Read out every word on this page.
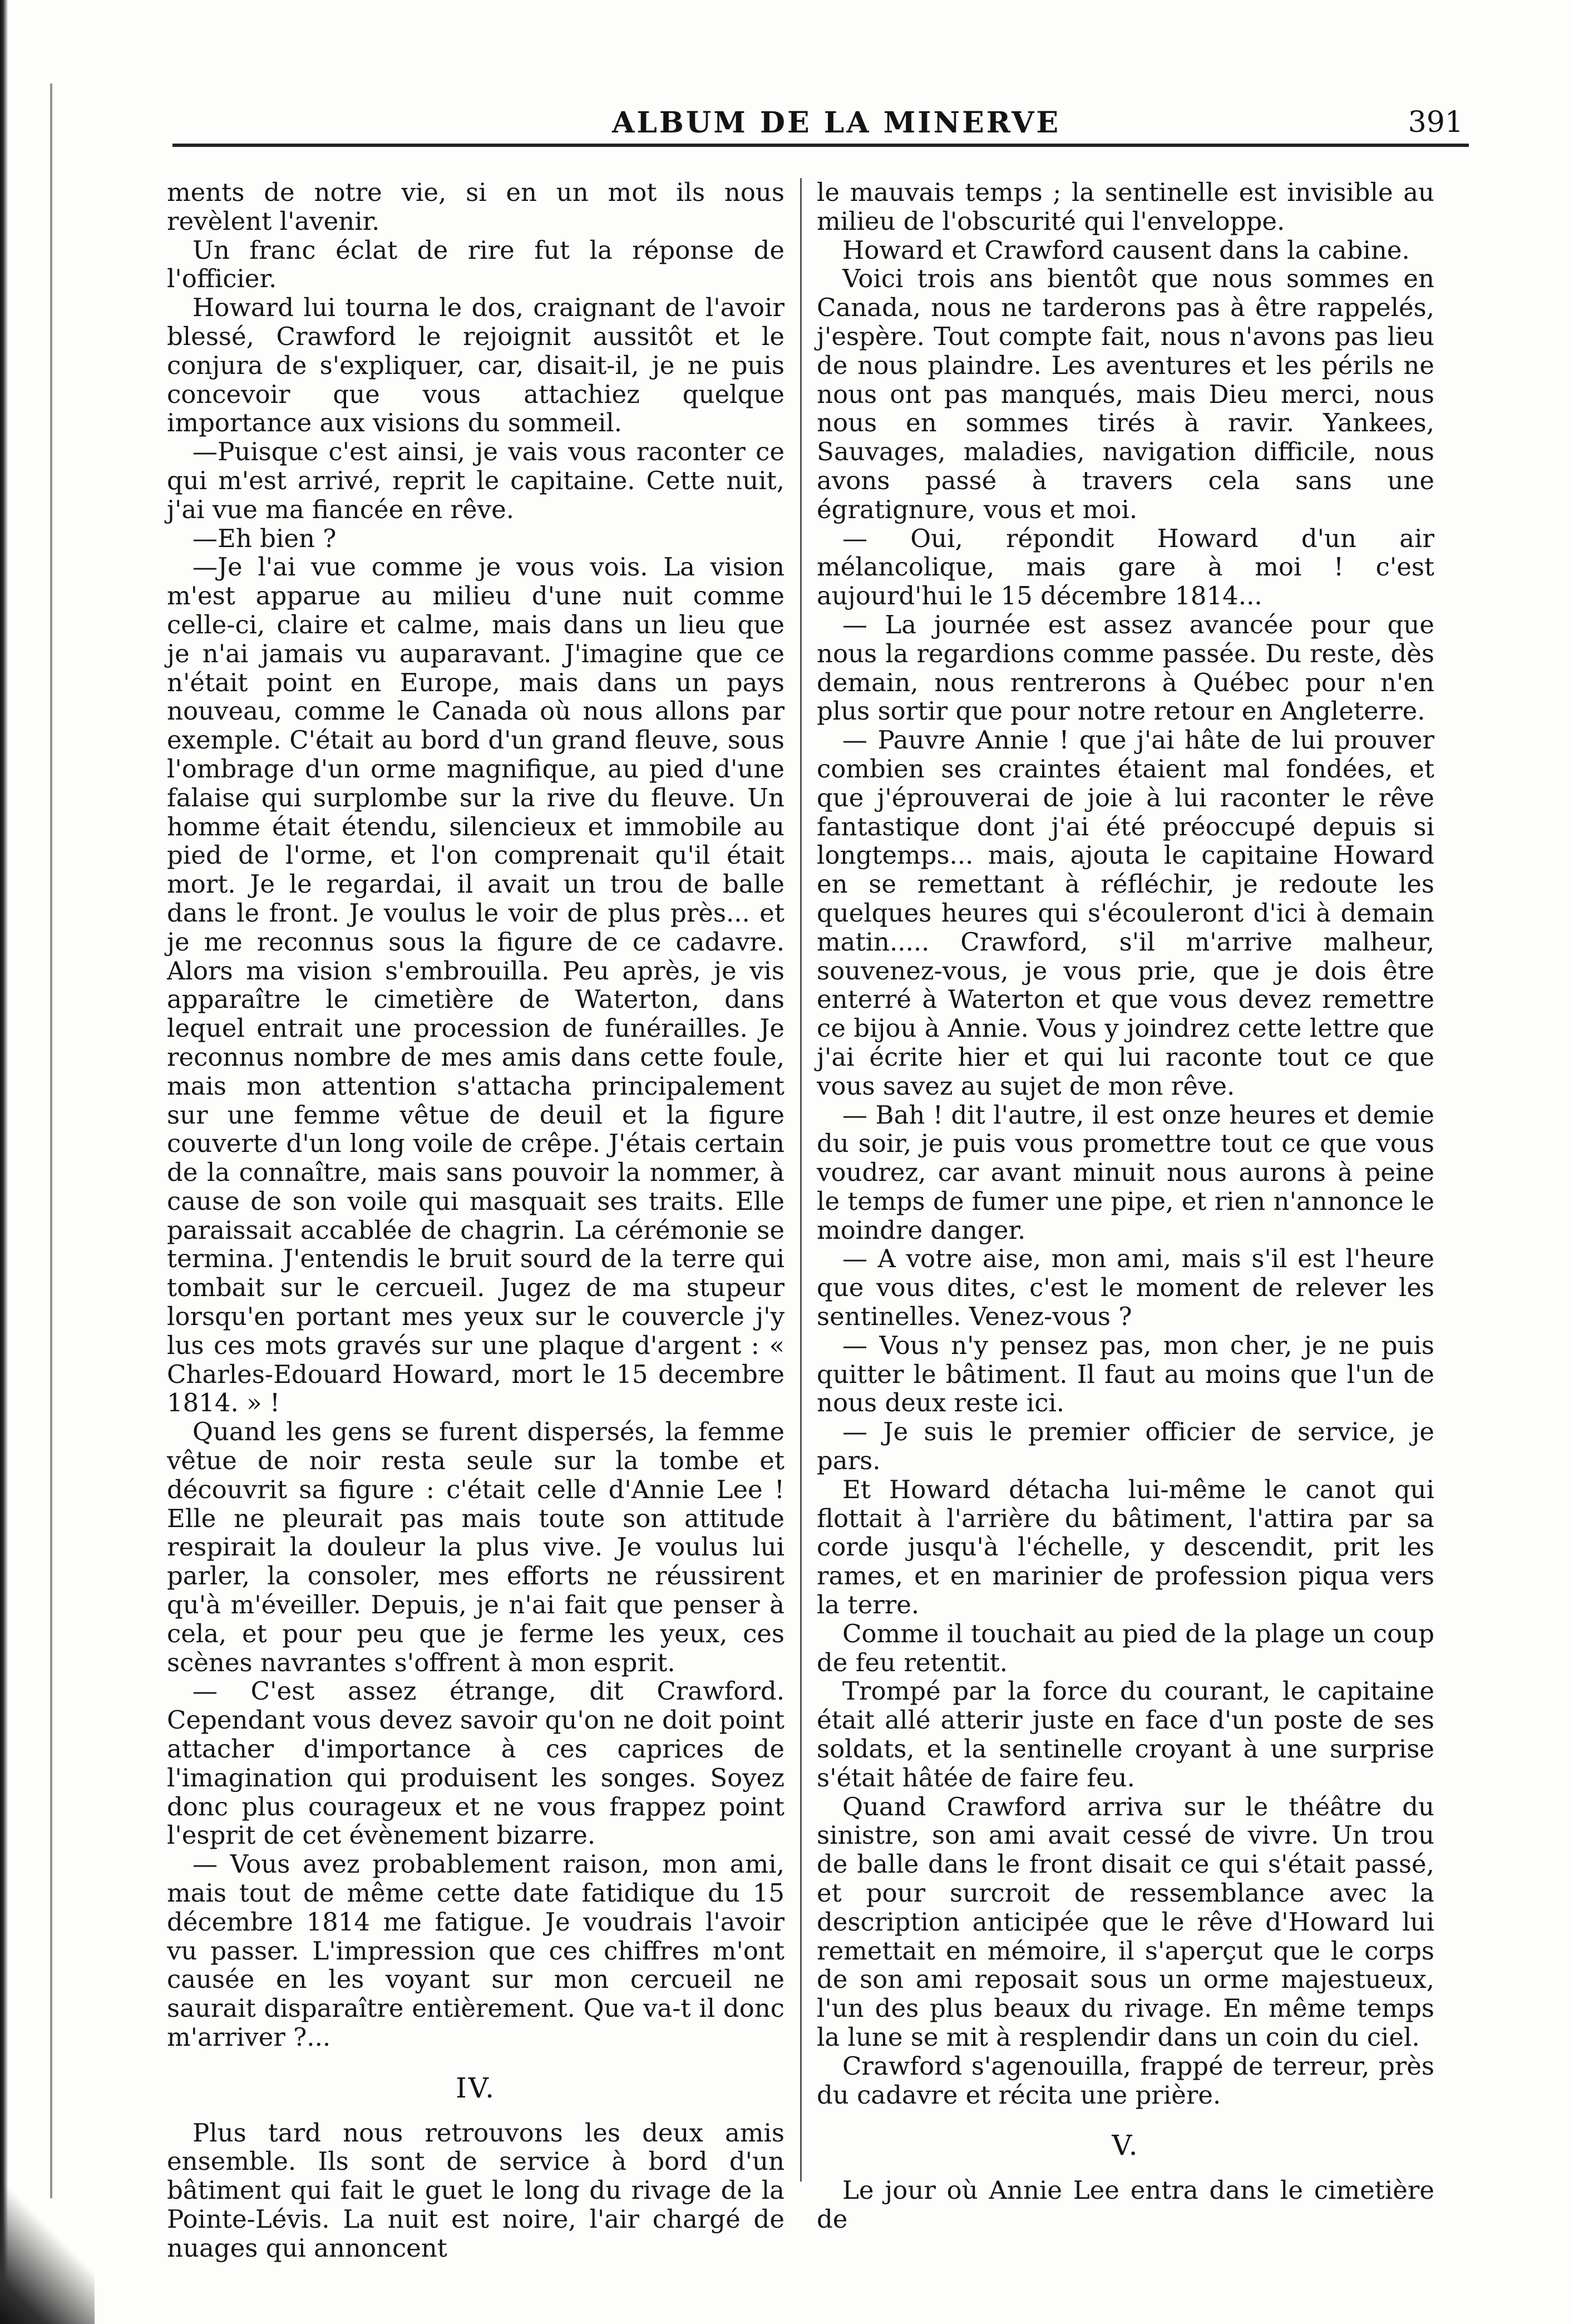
ALBUM DE LA MINERVE	391

ments de notre vie, si en un mot ils nous revèlent l'avenir.

Un franc éclat de rire fut la réponse de l'officier.

Howard lui tourna le dos, craignant de l'avoir blessé, Crawford le rejoignit aussitôt et le conjura de s'expliquer, car, disait-il, je ne puis concevoir que vous attachiez quelque importance aux visions du sommeil.

—Puisque c'est ainsi, je vais vous raconter ce qui m'est arrivé, reprit le capitaine. Cette nuit, j'ai vue ma fiancée en rêve.

—Eh bien ?

—Je l'ai vue comme je vous vois. La vision m'est apparue au milieu d'une nuit comme celle-ci, claire et calme, mais dans un lieu que je n'ai jamais vu auparavant. J'imagine que ce n'était point en Europe, mais dans un pays nouveau, comme le Canada où nous allons par exemple. C'était au bord d'un grand fleuve, sous l'ombrage d'un orme magnifique, au pied d'une falaise qui surplombe sur la rive du fleuve. Un homme était étendu, silencieux et immobile au pied de l'orme, et l'on comprenait qu'il était mort. Je le regardai, il avait un trou de balle dans le front. Je voulus le voir de plus près... et je me reconnus sous la figure de ce cadavre. Alors ma vision s'embrouilla. Peu après, je vis apparaître le cimetière de Waterton, dans lequel entrait une procession de funérailles. Je reconnus nombre de mes amis dans cette foule, mais mon attention s'attacha principalement sur une femme vêtue de deuil et la figure couverte d'un long voile de crêpe. J'étais certain de la connaître, mais sans pouvoir la nommer, à cause de son voile qui masquait ses traits. Elle paraissait accablée de chagrin. La cérémonie se termina. J'entendis le bruit sourd de la terre qui tombait sur le cercueil. Jugez de ma stupeur lorsqu'en portant mes yeux sur le couvercle j'y lus ces mots gravés sur une plaque d'argent : « Charles-Edouard Howard, mort le 15 decembre 1814. » !

Quand les gens se furent dispersés, la femme vêtue de noir resta seule sur la tombe et découvrit sa figure : c'était celle d'Annie Lee ! Elle ne pleurait pas mais toute son attitude respirait la douleur la plus vive. Je voulus lui parler, la consoler, mes efforts ne réussirent qu'à m'éveiller. Depuis, je n'ai fait que penser à cela, et pour peu que je ferme les yeux, ces scènes navrantes s'offrent à mon esprit.

— C'est assez étrange, dit Crawford. Cependant vous devez savoir qu'on ne doit point attacher d'importance à ces caprices de l'imagination qui produisent les songes. Soyez donc plus courageux et ne vous frappez point l'esprit de cet évènement bizarre.

— Vous avez probablement raison, mon ami, mais tout de même cette date fatidique du 15 décembre 1814 me fatigue. Je voudrais l'avoir vu passer. L'impression que ces chiffres m'ont causée en les voyant sur mon cercueil ne saurait disparaître entièrement. Que va-t il donc m'arriver ?...

IV.

Plus tard nous retrouvons les deux amis ensemble. Ils sont de service à bord d'un bâtiment qui fait le guet le long du rivage de la Pointe-Lévis. La nuit est noire, l'air chargé de nuages qui annoncent

le mauvais temps ; la sentinelle est invisible au milieu de l'obscurité qui l'enveloppe.

Howard et Crawford causent dans la cabine.

Voici trois ans bientôt que nous sommes en Canada, nous ne tarderons pas à être rappelés, j'espère. Tout compte fait, nous n'avons pas lieu de nous plaindre. Les aventures et les périls ne nous ont pas manqués, mais Dieu merci, nous nous en sommes tirés à ravir. Yankees, Sauvages, maladies, navigation difficile, nous avons passé à travers cela sans une égratignure, vous et moi.

— Oui, répondit Howard d'un air mélancolique, mais gare à moi ! c'est aujourd'hui le 15 décembre 1814...

— La journée est assez avancée pour que nous la regardions comme passée. Du reste, dès demain, nous rentrerons à Québec pour n'en plus sortir que pour notre retour en Angleterre.

— Pauvre Annie ! que j'ai hâte de lui prouver combien ses craintes étaient mal fondées, et que j'éprouverai de joie à lui raconter le rêve fantastique dont j'ai été préoccupé depuis si longtemps... mais, ajouta le capitaine Howard en se remettant à réfléchir, je redoute les quelques heures qui s'écouleront d'ici à demain matin..... Crawford, s'il m'arrive malheur, souvenez-vous, je vous prie, que je dois être enterré à Waterton et que vous devez remettre ce bijou à Annie. Vous y joindrez cette lettre que j'ai écrite hier et qui lui raconte tout ce que vous savez au sujet de mon rêve.

— Bah ! dit l'autre, il est onze heures et demie du soir, je puis vous promettre tout ce que vous voudrez, car avant minuit nous aurons à peine le temps de fumer une pipe, et rien n'annonce le moindre danger.

— A votre aise, mon ami, mais s'il est l'heure que vous dites, c'est le moment de relever les sentinelles. Venez-vous ?

— Vous n'y pensez pas, mon cher, je ne puis quitter le bâtiment. Il faut au moins que l'un de nous deux reste ici.

— Je suis le premier officier de service, je pars.

Et Howard détacha lui-même le canot qui flottait à l'arrière du bâtiment, l'attira par sa corde jusqu'à l'échelle, y descendit, prit les rames, et en marinier de profession piqua vers la terre.

Comme il touchait au pied de la plage un coup de feu retentit.

Trompé par la force du courant, le capitaine était allé atterir juste en face d'un poste de ses soldats, et la sentinelle croyant à une surprise s'était hâtée de faire feu.

Quand Crawford arriva sur le théâtre du sinistre, son ami avait cessé de vivre. Un trou de balle dans le front disait ce qui s'était passé, et pour surcroit de ressemblance avec la description anticipée que le rêve d'Howard lui remettait en mémoire, il s'aperçut que le corps de son ami reposait sous un orme majestueux, l'un des plus beaux du rivage. En même temps la lune se mit à resplendir dans un coin du ciel.

Crawford s'agenouilla, frappé de terreur, près du cadavre et récita une prière.

V.

Le jour où Annie Lee entra dans le cimetière de
